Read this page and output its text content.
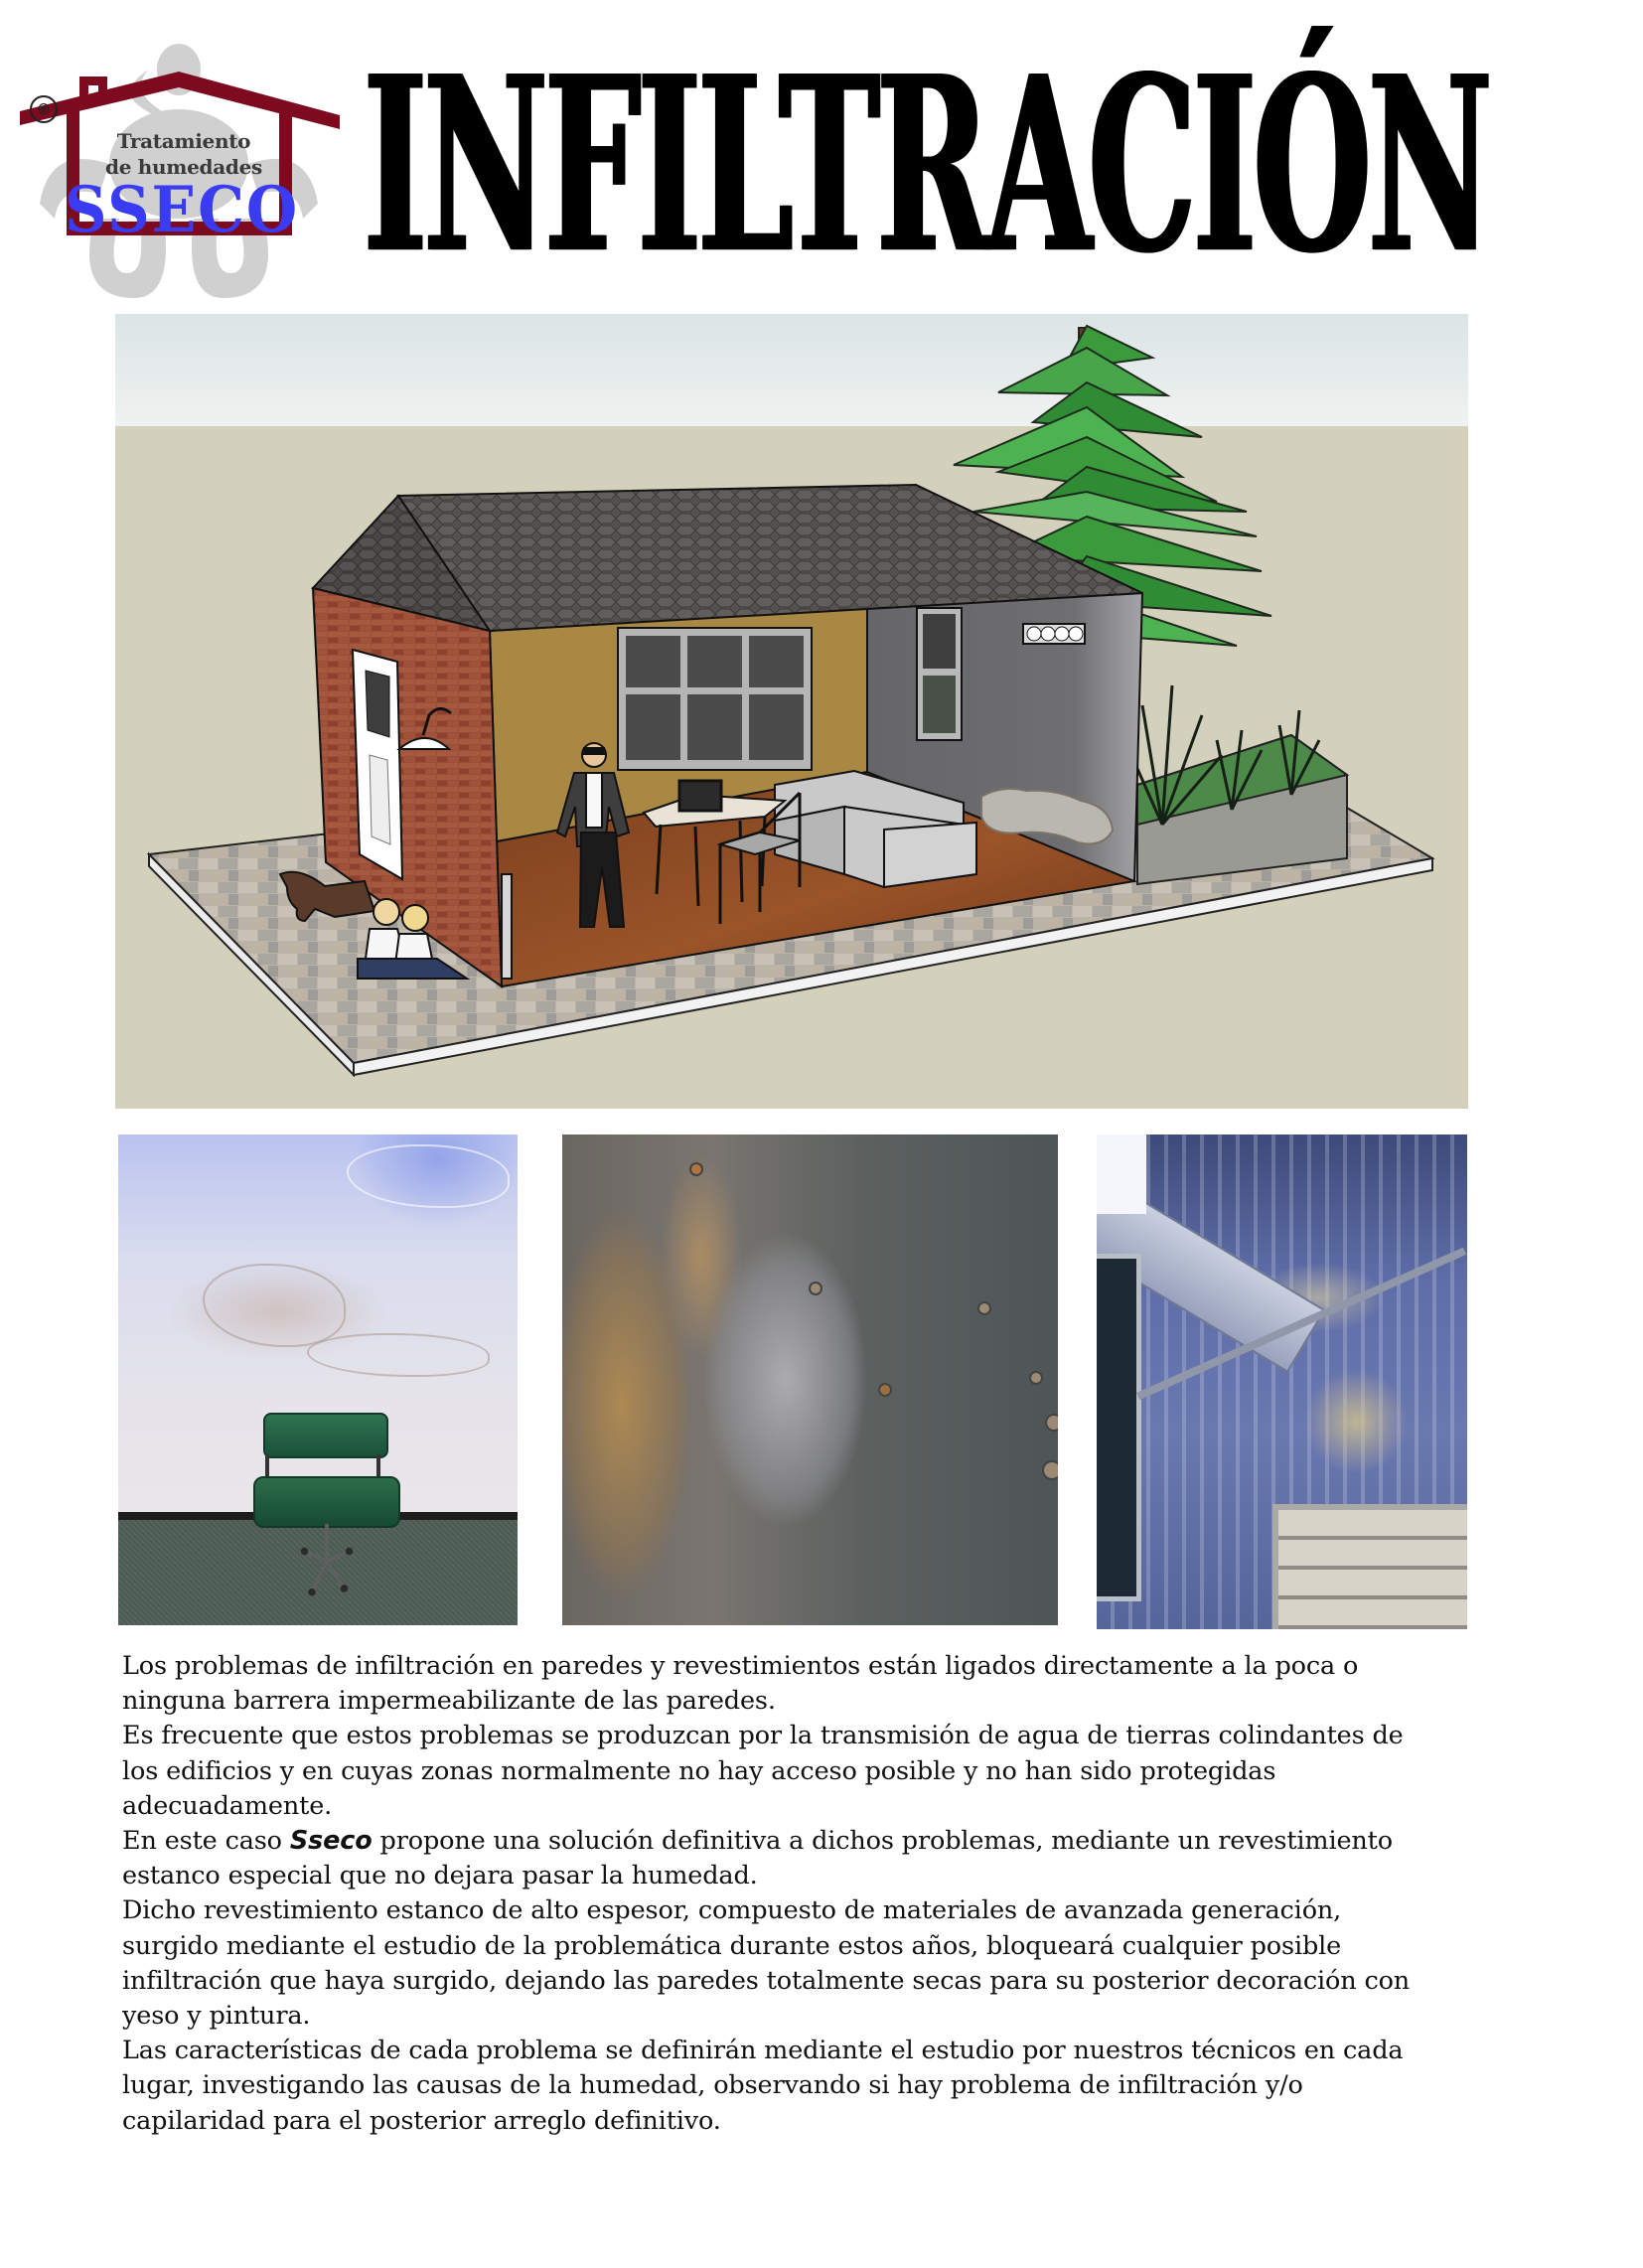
®
Tratamiento
de humedades
SSECO INFILTRACIÓN
Los problemas de infiltración en paredes y revestimientos están ligados directamente a la poca o
ninguna barrera impermeabilizante de las paredes.
Es frecuente que estos problemas se produzcan por la transmisión de agua de tierras colindantes de
los edificios y en cuyas zonas normalmente no hay acceso posible y no han sido protegidas
adecuadamente.
En este caso Sseco propone una solución definitiva a dichos problemas, mediante un revestimiento
estanco especial que no dejara pasar la humedad.
Dicho revestimiento estanco de alto espesor, compuesto de materiales de avanzada generación,
surgido mediante el estudio de la problemática durante estos años, bloqueará cualquier posible
infiltración que haya surgido, dejando las paredes totalmente secas para su posterior decoración con
yeso y pintura.
Las características de cada problema se definirán mediante el estudio por nuestros técnicos en cada
lugar, investigando las causas de la humedad, observando si hay problema de infiltración y/o
capilaridad para el posterior arreglo definitivo.
